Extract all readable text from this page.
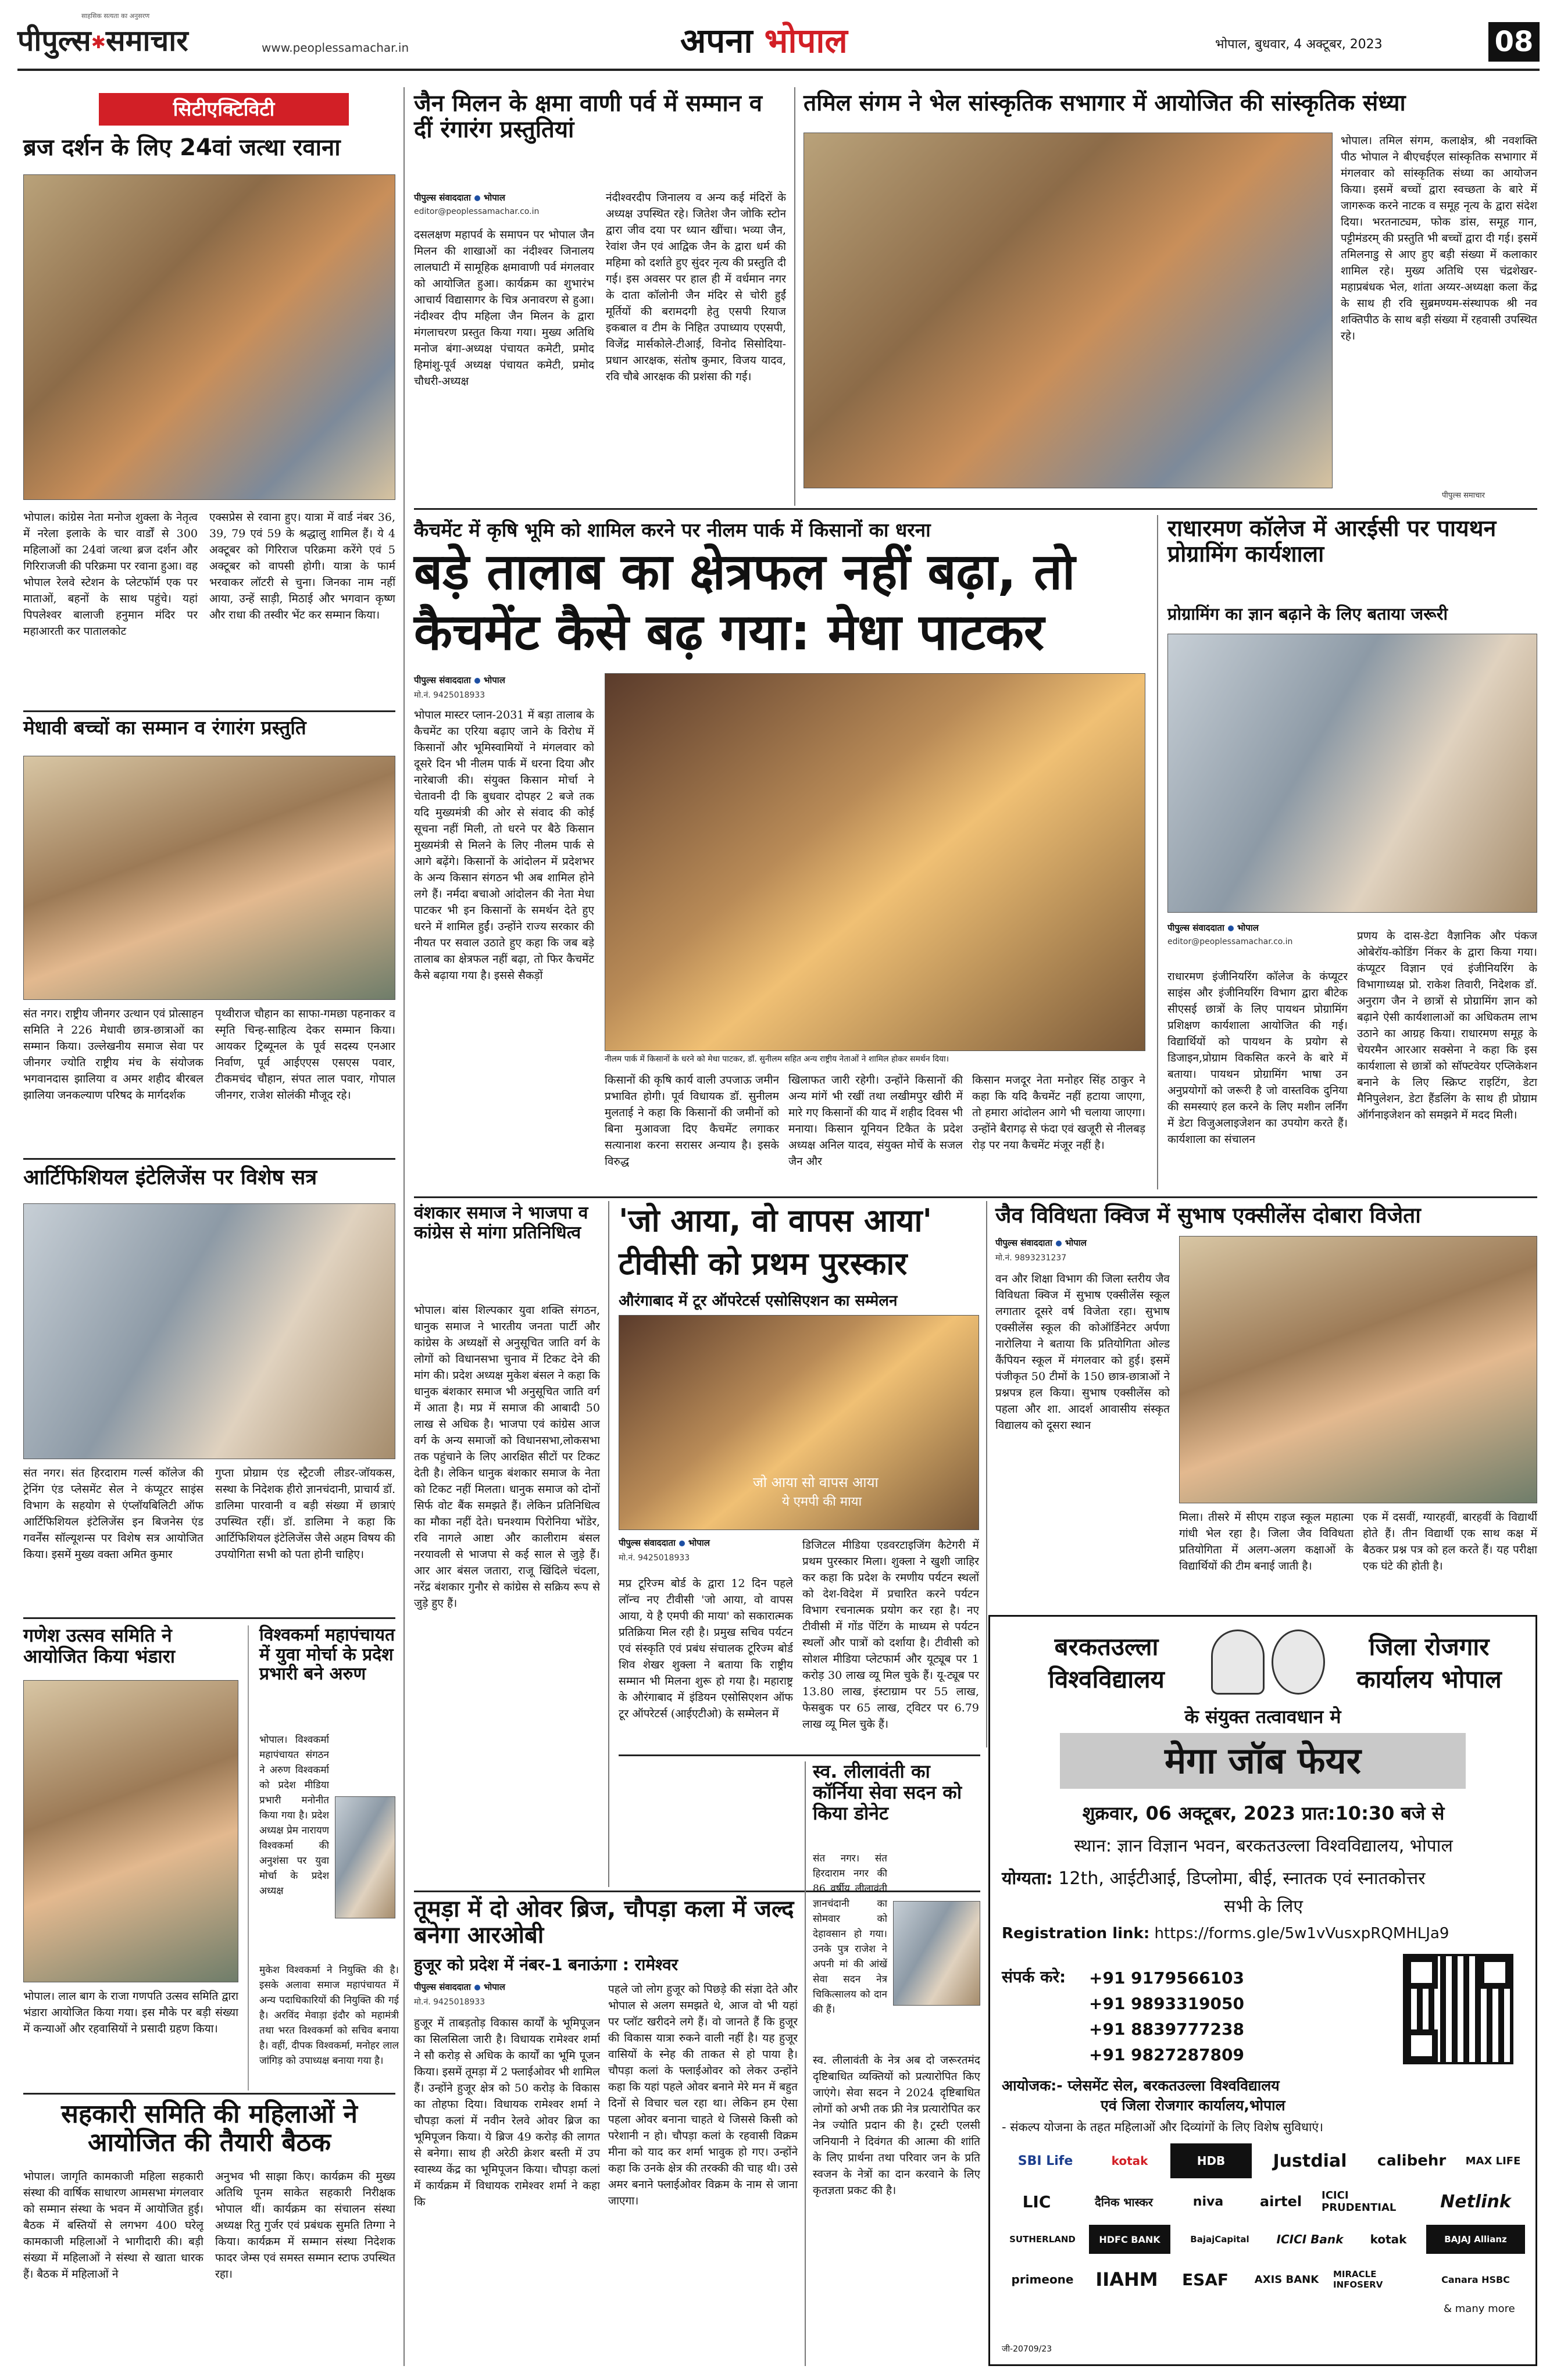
साहसिक सत्यता का अनुसरण
पीपुल्स✱समाचार	www.peoplessamachar.in	अपना भोपाल	भोपाल, बुधवार, 4 अक्टूबर, 2023	08
सिटीएक्टिविटी
ब्रज दर्शन के लिए 24वां जत्था रवाना
भोपाल। कांग्रेस नेता मनोज शुक्ला के नेतृत्व में नरेला इलाके के चार वार्डों से 300 महिलाओं का 24वां जत्था ब्रज दर्शन और गिरिराजजी की परिक्रमा पर रवाना हुआ। वह भोपाल रेलवे स्टेशन के प्लेटफॉर्म एक पर माताओं, बहनों के साथ पहुंचे। यहां पिपलेश्वर बालाजी हनुमान मंदिर पर महाआरती कर पातालकोट
एक्सप्रेस से रवाना हुए। यात्रा में वार्ड नंबर 36, 39, 79 एवं 59 के श्रद्धालु शामिल हैं। ये 4 अक्टूबर को गिरिराज परिक्रमा करेंगे एवं 5 अक्टूबर को वापसी होगी। यात्रा के फार्म भरवाकर लॉटरी से चुना। जिनका नाम नहीं आया, उन्हें साड़ी, मिठाई और भगवान कृष्ण और राधा की तस्वीर भेंट कर सम्मान किया।
मेधावी बच्चों का सम्मान व रंगारंग प्रस्तुति
संत नगर। राष्ट्रीय जीनगर उत्थान एवं प्रोत्साहन समिति ने 226 मेधावी छात्र-छात्राओं का सम्मान किया। उल्लेखनीय समाज सेवा पर जीनगर ज्योति राष्ट्रीय मंच के संयोजक भगवानदास झालिया व अमर शहीद बीरबल झालिया जनकल्याण परिषद के मार्गदर्शक
पृथ्वीराज चौहान का साफा-गमछा पहनाकर व स्मृति चिन्ह-साहित्य देकर सम्मान किया। आयकर ट्रिब्यूनल के पूर्व सदस्य एनआर निर्वाण, पूर्व आईएएस एसएस पवार, टीकमचंद चौहान, संपत लाल पवार, गोपाल जीनगर, राजेश सोलंकी मौजूद रहे।
आर्टिफिशियल इंटेलिजेंस पर विशेष सत्र
संत नगर। संत हिरदाराम गर्ल्स कॉलेज की ट्रेनिंग एंड प्लेसमेंट सेल ने कंप्यूटर साइंस विभाग के सहयोग से एंप्लॉयबिलिटी ऑफ आर्टिफिशियल इंटेलिजेंस इन बिजनेस एंड गवर्नेंस सॉल्यूशन्स पर विशेष सत्र आयोजित किया। इसमें मुख्य वक्ता अमित कुमार
गुप्ता प्रोग्राम एंड स्ट्रैटजी लीडर-जॉयकस, सस्था के निदेशक हीरो ज्ञानचंदानी, प्राचार्य डॉ. डालिमा पारवानी व बड़ी संख्या में छात्राएं उपस्थित रहीं। डॉ. डालिमा ने कहा कि आर्टिफिशियल इंटेलिजेंस जैसे अहम विषय की उपयोगिता सभी को पता होनी चाहिए।
गणेश उत्सव समिति ने आयोजित किया भंडारा
भोपाल। लाल बाग के राजा गणपति उत्सव समिति द्वारा भंडारा आयोजित किया गया। इस मौके पर बड़ी संख्या में कन्याओं और रहवासियों ने प्रसादी ग्रहण किया।
विश्वकर्मा महापंचायत में युवा मोर्चा के प्रदेश प्रभारी बने अरुण
भोपाल। विश्वकर्मा महापंचायत संगठन ने अरुण विश्वकर्मा को प्रदेश मीडिया प्रभारी मनोनीत किया गया है। प्रदेश अध्यक्ष प्रेम नारायण विश्वकर्मा की अनुशंसा पर युवा मोर्चा के प्रदेश अध्यक्ष
मुकेश विश्वकर्मा ने नियुक्ति की है। इसके अलावा समाज महापंचायत में अन्य पदाधिकारियों की नियुक्ति की गई है। अरविंद मेवाड़ा इंदौर को महामंत्री तथा भरत विश्वकर्मा को सचिव बनाया है। वहीं, दीपक विश्वकर्मा, मनोहर लाल जांगिड़ को उपाध्यक्ष बनाया गया है।
सहकारी समिति की महिलाओं ने आयोजित की तैयारी बैठक
भोपाल। जागृति कामकाजी महिला सहकारी संस्था की वार्षिक साधारण आमसभा मंगलवार को सम्मान संस्था के भवन में आयोजित हुई। बैठक में बस्तियों से लगभग 400 घरेलू कामकाजी महिलाओं ने भागीदारी की। बड़ी संख्या में महिलाओं ने संस्था से खाता धारक हैं। बैठक में महिलाओं ने
अनुभव भी साझा किए। कार्यक्रम की मुख्य अतिथि पूनम साकेत सहकारी निरीक्षक भोपाल थीं। कार्यक्रम का संचालन संस्था अध्यक्ष रितु गुर्जर एवं प्रबंधक सुमति तिग्गा ने किया। कार्यक्रम में सम्मान संस्था निदेशक फादर जेम्स एवं समस्त सम्मान स्टाफ उपस्थित रहा।
जैन मिलन के क्षमा वाणी पर्व में सम्मान व दीं रंगारंग प्रस्तुतियां
पीपुल्स संवाददाता भोपाल
editor@peoplessamachar.co.in
दसलक्षण महापर्व के समापन पर भोपाल जैन मिलन की शाखाओं का नंदीश्वर जिनालय लालघाटी में सामूहिक क्षमावाणी पर्व मंगलवार को आयोजित हुआ। कार्यक्रम का शुभारंभ आचार्य विद्यासागर के चित्र अनावरण से हुआ। नंदीश्वर दीप महिला जैन मिलन के द्वारा मंगलाचरण प्रस्तुत किया गया। मुख्य अतिथि मनोज बंगा-अध्यक्ष पंचायत कमेटी, प्रमोद हिमांशु-पूर्व अध्यक्ष पंचायत कमेटी, प्रमोद चौधरी-अध्यक्ष
नंदीश्वरदीप जिनालय व अन्य कई मंदिरों के अध्यक्ष उपस्थित रहे। जितेश जैन जोकि स्टोन द्वारा जीव दया पर ध्यान खींचा। भव्या जैन, रेवांश जैन एवं आद्विक जैन के द्वारा धर्म की महिमा को दर्शाते हुए सुंदर नृत्य की प्रस्तुति दी गई। इस अवसर पर हाल ही में वर्धमान नगर के दाता कॉलोनी जैन मंदिर से चोरी हुईं मूर्तियों की बरामदगी हेतु एसपी रियाज इकबाल व टीम के निहित उपाध्याय एएसपी, विजेंद्र मार्सकोले-टीआई, विनोद सिसोदिया-प्रधान आरक्षक, संतोष कुमार, विजय यादव, रवि चौबे आरक्षक की प्रशंसा की गई।
तमिल संगम ने भेल सांस्कृतिक सभागार में आयोजित की सांस्कृतिक संध्या
भोपाल। तमिल संगम, कलाक्षेत्र, श्री नवशक्ति पीठ भोपाल ने बीएचईएल सांस्कृतिक सभागार में मंगलवार को सांस्कृतिक संध्या का आयोजन किया। इसमें बच्चों द्वारा स्वच्छता के बारे में जागरूक करने नाटक व समूह नृत्य के द्वारा संदेश दिया। भरतनाट्यम, फोक डांस, समूह गान, पट्टीमंडरम् की प्रस्तुति भी बच्चों द्वारा दी गई। इसमें तमिलनाडु से आए हुए बड़ी संख्या में कलाकार शामिल रहे। मुख्य अतिथि एस चंद्रशेखर-महाप्रबंधक भेल, शांता अय्यर-अध्यक्षा कला केंद्र के साथ ही रवि सुब्रमण्यम-संस्थापक श्री नव शक्तिपीठ के साथ बड़ी संख्या में रहवासी उपस्थित रहे।
पीपुल्स समाचार
कैचमेंट में कृषि भूमि को शामिल करने पर नीलम पार्क में किसानों का धरना
बड़े तालाब का क्षेत्रफल नहीं बढ़ा, तो
कैचमेंट कैसे बढ़ गया: मेधा पाटकर
पीपुल्स संवाददाता भोपाल
मो.नं. 9425018933
भोपाल मास्टर प्लान-2031 में बड़ा तालाब के कैचमेंट का एरिया बढ़ाए जाने के विरोध में किसानों और भूमिस्वामियों ने मंगलवार को दूसरे दिन भी नीलम पार्क में धरना दिया और नारेबाजी की। संयुक्त किसान मोर्चा ने चेतावनी दी कि बुधवार दोपहर 2 बजे तक यदि मुख्यमंत्री की ओर से संवाद की कोई सूचना नहीं मिली, तो धरने पर बैठे किसान मुख्यमंत्री से मिलने के लिए नीलम पार्क से आगे बढ़ेंगे। किसानों के आंदोलन में प्रदेशभर के अन्य किसान संगठन भी अब शामिल होने लगे हैं। नर्मदा बचाओ आंदोलन की नेता मेधा पाटकर भी इन किसानों के समर्थन देते हुए धरने में शामिल हुईं। उन्होंने राज्य सरकार की नीयत पर सवाल उठाते हुए कहा कि जब बड़े तालाब का क्षेत्रफल नहीं बढ़ा, तो फिर कैचमेंट कैसे बढ़ाया गया है। इससे सैकड़ों
नीलम पार्क में किसानों के धरने को मेधा पाटकर, डॉ. सुनीलम सहित अन्य राष्ट्रीय नेताओं ने शामिल होकर समर्थन दिया।
किसानों की कृषि कार्य वाली उपजाऊ जमीन प्रभावित होगी। पूर्व विधायक डॉ. सुनीलम मुलताई ने कहा कि किसानों की जमीनों को बिना मुआवजा दिए कैचमेंट लगाकर सत्यानाश करना सरासर अन्याय है। इसके विरुद्ध
खिलाफत जारी रहेगी। उन्होंने किसानों की अन्य मांगें भी रखीं तथा लखीमपुर खीरी में मारे गए किसानों की याद में शहीद दिवस भी मनाया। किसान यूनियन टिकैत के प्रदेश अध्यक्ष अनिल यादव, संयुक्त मोर्चे के सजल जैन और
किसान मजदूर नेता मनोहर सिंह ठाकुर ने कहा कि यदि कैचमेंट नहीं हटाया जाएगा, तो हमारा आंदोलन आगे भी चलाया जाएगा। उन्होंने बैरागढ़ से फंदा एवं खजूरी से नीलबड़ रोड़ पर नया कैचमेंट मंजूर नहीं है।
राधारमण कॉलेज में आरईसी पर पायथन प्रोग्रामिंग कार्यशाला
प्रोग्रामिंग का ज्ञान बढ़ाने के लिए बताया जरूरी
पीपुल्स संवाददाता भोपाल
editor@peoplessamachar.co.in
राधारमण इंजीनियरिंग कॉलेज के कंप्यूटर साइंस और इंजीनियरिंग विभाग द्वारा बीटेक सीएसई छात्रों के लिए पायथन प्रोग्रामिंग प्रशिक्षण कार्यशाला आयोजित की गई। विद्यार्थियों को पायथन के प्रयोग से डिजाइन,प्रोग्राम विकसित करने के बारे में बताया। पायथन प्रोग्रामिंग भाषा उन अनुप्रयोगों को जरूरी है जो वास्तविक दुनिया की समस्याएं हल करने के लिए मशीन लर्निंग में डेटा विजुअलाइजेशन का उपयोग करते हैं। कार्यशाला का संचालन
प्रणय के दास-डेटा वैज्ञानिक और पंकज ओबेरॉय-कोडिंग निंकर के द्वारा किया गया। कंप्यूटर विज्ञान एवं इंजीनियरिंग के विभागाध्यक्ष प्रो. राकेश तिवारी, निदेशक डॉ. अनुराग जैन ने छात्रों से प्रोग्रामिंग ज्ञान को बढ़ाने ऐसी कार्यशालाओं का अधिकतम लाभ उठाने का आग्रह किया। राधारमण समूह के चेयरमैन आरआर सक्सेना ने कहा कि इस कार्यशाला से छात्रों को सॉफ्टवेयर एप्लिकेशन बनाने के लिए स्क्रिप्ट राइटिंग, डेटा मैनिपुलेशन, डेटा हैंडलिंग के साथ ही प्रोग्राम ऑर्गनाइजेशन को समझने में मदद मिली।
वंशकार समाज ने भाजपा व कांग्रेस से मांगा प्रतिनिधित्व
भोपाल। बांस शिल्पकार युवा शक्ति संगठन, धानुक समाज ने भारतीय जनता पार्टी और कांग्रेस के अध्यक्षों से अनुसूचित जाति वर्ग के लोगों को विधानसभा चुनाव में टिकट देने की मांग की। प्रदेश अध्यक्ष मुकेश बंसल ने कहा कि धानुक बंशकार समाज भी अनुसूचित जाति वर्ग में आता है। मप्र में समाज की आबादी 50 लाख से अधिक है। भाजपा एवं कांग्रेस आज वर्ग के अन्य समाजों को विधानसभा,लोकसभा तक पहुंचाने के लिए आरक्षित सीटों पर टिकट देती है। लेकिन धानुक बंशकार समाज के नेता को टिकट नहीं मिलता। धानुक समाज को दोनों सिर्फ वोट बैंक समझते हैं। लेकिन प्रतिनिधित्व का मौका नहीं देते। घनश्याम पिरोनिया भोंडेर, रवि नागले आष्टा और कालीराम बंसल नरयावली से भाजपा से कई साल से जुड़े हैं। आर आर बंसल जतारा, राजू खिंदिले चंदला, नरेंद्र बंशकार गुनौर से कांग्रेस से सक्रिय रूप से जुड़े हुए हैं।
'जो आया, वो वापस आया'
टीवीसी को प्रथम पुरस्कार
औरंगाबाद में टूर ऑपरेटर्स एसोसिएशन का सम्मेलन
जो आया सो वापस आया
ये एमपी की माया
पीपुल्स संवाददाता भोपाल
मो.नं. 9425018933
मप्र टूरिज्म बोर्ड के द्वारा 12 दिन पहले लॉन्च नए टीवीसी 'जो आया, वो वापस आया, ये है एमपी की माया' को सकारात्मक प्रतिक्रिया मिल रही है। प्रमुख सचिव पर्यटन एवं संस्कृति एवं प्रबंध संचालक टूरिज्म बोर्ड शिव शेखर शुक्ला ने बताया कि राष्ट्रीय सम्मान भी मिलना शुरू हो गया है। महाराष्ट्र के औरंगाबाद में इंडियन एसोसिएशन ऑफ टूर ऑपरेटर्स (आईएटीओ) के सम्मेलन में
डिजिटल मीडिया एडवरटाइजिंग कैटेगरी में प्रथम पुरस्कार मिला। शुक्ला ने खुशी जाहिर कर कहा कि प्रदेश के रमणीय पर्यटन स्थलों को देश-विदेश में प्रचारित करने पर्यटन विभाग रचनात्मक प्रयोग कर रहा है। नए टीवीसी में गोंड पेंटिंग के माध्यम से पर्यटन स्थलों और पात्रों को दर्शाया है। टीवीसी को सोशल मीडिया प्लेटफार्म और यूट्यूब पर 1 करोड़ 30 लाख व्यू मिल चुके हैं। यू-ट्यूब पर 13.80 लाख, इंस्टाग्राम पर 55 लाख, फेसबुक पर 65 लाख, ट्विटर पर 6.79 लाख व्यू मिल चुके हैं।
जैव विविधता क्विज में सुभाष एक्सीलेंस दोबारा विजेता
पीपुल्स संवाददाता भोपाल
मो.नं. 9893231237
वन और शिक्षा विभाग की जिला स्तरीय जैव विविधता क्विज में सुभाष एक्सीलेंस स्कूल लगातार दूसरे वर्ष विजेता रहा। सुभाष एक्सीलेंस स्कूल की कोऑर्डिनेटर अर्पणा नारोलिया ने बताया कि प्रतियोगिता ओल्ड कैंपियन स्कूल में मंगलवार को हुई। इसमें पंजीकृत 50 टीमों के 150 छात्र-छात्राओं ने प्रश्नपत्र हल किया। सुभाष एक्सीलेंस को पहला और शा. आदर्श आवासीय संस्कृत विद्यालय को दूसरा स्थान
मिला। तीसरे में सीएम राइज स्कूल महात्मा गांधी भेल रहा है। जिला जैव विविधता प्रतियोगिता में अलग-अलग कक्षाओं के विद्यार्थियों की टीम बनाई जाती है।
एक में दसवीं, ग्यारहवीं, बारहवीं के विद्यार्थी होते हैं। तीन विद्यार्थी एक साथ कक्ष में बैठकर प्रश्न पत्र को हल करते हैं। यह परीक्षा एक घंटे की होती है।
बरकतउल्ला
विश्वविद्यालय
जिला रोजगार
कार्यालय भोपाल
के संयुक्त तत्वावधान मे
मेगा जॉब फेयर
शुक्रवार, 06 अक्टूबर, 2023 प्रात:10:30 बजे से
स्थान: ज्ञान विज्ञान भवन, बरकतउल्ला विश्वविद्यालय, भोपाल
योग्यता: 12th, आईटीआई, डिप्लोमा, बीई, स्नातक एवं स्नातकोत्तर
सभी के लिए
Registration link: https://forms.gle/5w1vVusxpRQMHLJa9
संपर्क करे: +91 9179566103
+91 9893319050
+91 8839777238
+91 9827287809
आयोजक:- प्लेसमेंट सेल, बरकतउल्ला विश्वविद्यालय
एवं जिला रोजगार कार्यालय,भोपाल
- संकल्प योजना के तहत महिलाओं और दिव्यांगों के लिए विशेष सुविधाएं।
SBI Life	kotak	HDB	Justdial	calibehr	MAX LIFE
LIC	दैनिक भास्कर	niva	airtel	ICICI PRUDENTIAL	Netlink
SUTHERLAND	HDFC BANK	BajajCapital	ICICI Bank	kotak	BAJAJ Allianz
primeone	IIAHM	ESAF	AXIS BANK	MIRACLE INFOSERV	Canara HSBC
& many more
जी-20709/23
तूमड़ा में दो ओवर ब्रिज, चौपड़ा कला में जल्द बनेगा आरओबी
हुजूर को प्रदेश में नंबर-1 बनाऊंगा : रामेश्वर
पीपुल्स संवाददाता भोपाल
मो.नं. 9425018933
हुजूर में ताबड़तोड़ विकास कार्यों के भूमिपूजन का सिलसिला जारी है। विधायक रामेश्वर शर्मा ने सौ करोड़ से अधिक के कार्यों का भूमि पूजन किया। इसमें तूमड़ा में 2 फ्लाईओवर भी शामिल हैं। उन्होंने हुजूर क्षेत्र को 50 करोड़ के विकास का तोहफा दिया। विधायक रामेश्वर शर्मा ने चौपड़ा कलां में नवीन रेलवे ओवर ब्रिज का भूमिपूजन किया। ये ब्रिज 49 करोड़ की लागत से बनेगा। साथ ही अरेठी क्रेशर बस्ती में उप स्वास्थ्य केंद्र का भूमिपूजन किया। चौपड़ा कलां में कार्यक्रम में विधायक रामेश्वर शर्मा ने कहा कि
पहले जो लोग हुजूर को पिछड़े की संज्ञा देते और भोपाल से अलग समझते थे, आज वो भी यहां पर प्लॉट खरीदने लगे हैं। वो जानते हैं कि हुजूर की विकास यात्रा रुकने वाली नहीं है। यह हुजूर वासियों के स्नेह की ताकत से हो पाया है। चौपड़ा कलां के फ्लाईओवर को लेकर उन्होंने कहा कि यहां पहले ओवर बनाने मेरे मन में बहुत दिनों से विचार चल रहा था। लेकिन हम ऐसा पहला ओवर बनाना चाहते थे जिससे किसी को परेशानी न हो। चौपड़ा कलां के रहवासी विक्रम मीना को याद कर शर्मा भावुक हो गए। उन्होंने कहा कि उनके क्षेत्र की तरक्की की चाह थी। उसे अमर बनाने फ्लाईओवर विक्रम के नाम से जाना जाएगा।
स्व. लीलावंती का कॉर्निया सेवा सदन को किया डोनेट
संत नगर। संत हिरदाराम नगर की 86 वर्षीय लीलावंती ज्ञानचंदानी का सोमवार को देहावसान हो गया। उनके पुत्र राजेश ने अपनी मां की आंखें सेवा सदन नेत्र चिकित्सालय को दान की हैं।
स्व. लीलावंती के नेत्र अब दो जरूरतमंद दृष्टिबाधित व्यक्तियों को प्रत्यारोपित किए जाएंगे। सेवा सदन ने 2024 दृष्टिबाधित लोगों को अभी तक फ्री नेत्र प्रत्यारोपित कर नेत्र ज्योति प्रदान की है। ट्रस्टी एलसी जनियानी ने दिवंगत की आत्मा की शांति के लिए प्रार्थना तथा परिवार जन के प्रति स्वजन के नेत्रों का दान करवाने के लिए कृतज्ञता प्रकट की है।
